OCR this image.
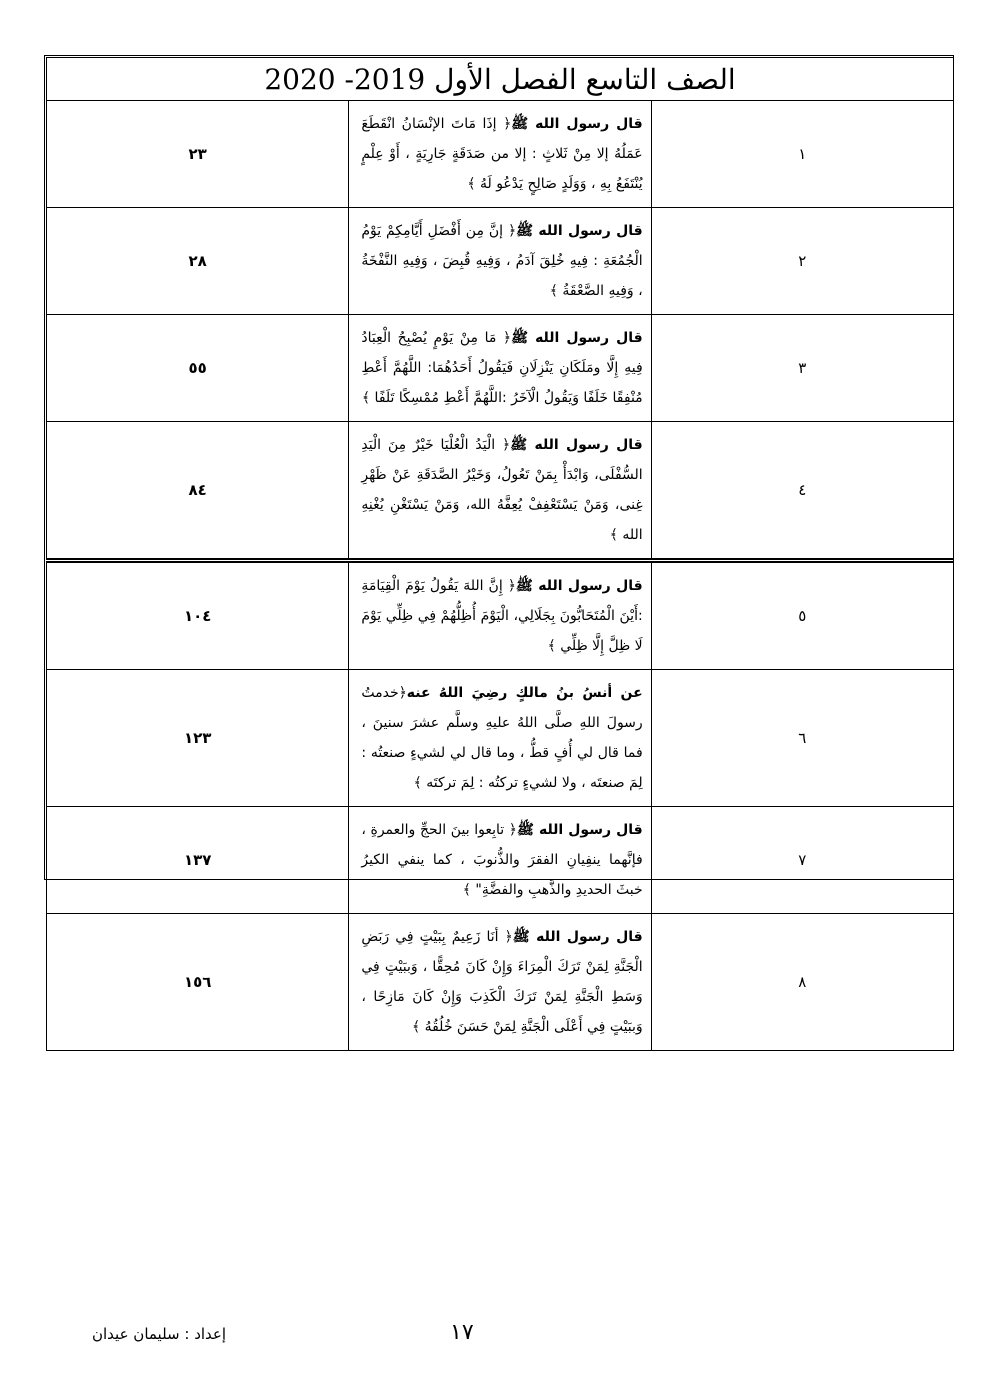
الصف التاسع الفصل الأول 2019- 2020		
١	قال رسول الله ﷺ﴿ إذَا مَاتَ الإنْسَانُ انْقَطَعَ عَمَلُهُ إلا مِنْ ثَلاثٍ : إلا من صَدَقَةٍ جَارِيَةٍ ، أَوْ عِلْمٍ يُنْتَفَعُ بِهِ ، وَوَلَدٍ صَالِحٍ يَدْعُو لَهُ ﴾	٢٣
٢	قال رسول الله ﷺ﴿ إنَّ مِن أَفْضَلِ أَيَّامِكِمْ يَوْمُ الْجُمُعَةِ : فِيهِ خُلِقَ آدَمُ ، وَفِيهِ قُبِضَ ، وَفِيهِ النَّفْخَةُ ، وَفِيهِ الصَّعْقَةُ ﴾	٢٨
٣	قال رسول الله ﷺ﴿ مَا مِنْ يَوْمٍ يُصْبِحُ الْعِبَادُ فِيهِ إِلَّا ومَلَكَانِ يَنْزِلَانِ فَيَقُولُ أَحَدُهُمَا: اللَّهُمَّ أَعْطِ مُنْفِقًا خَلَفًا وَيَقُولُ الْآخَرُ :اللَّهُمَّ أَعْطِ مُمْسِكًا تَلَفًا ﴾	٥٥
٤	قال رسول الله ﷺ﴿ الْيَدُ الْعُلْيَا خَيْرٌ مِنَ الْيَدِ السُّفْلَى، وَابْدَأْ بِمَنْ تَعُولُ، وَخَيْرُ الصَّدَقَةِ عَنْ ظَهْرِ غِنى، وَمَنْ يَسْتَعْفِفْ يُعِفَّهُ الله، وَمَنْ يَسْتَغْنِ يُغْنِهِ الله ﴾	٨٤
٥	قال رسول الله ﷺ﴿ إِنَّ اللهَ يَقُولُ يَوْمَ الْقِيَامَةِ :أَيْنَ الْمُتَحَابُّونَ بِجَلَالِي، الْيَوْمَ أُظِلُّهُمْ فِي ظِلِّي يَوْمَ لَا ظِلَّ إِلَّا ظِلِّي ﴾	١٠٤
٦	عن أنسُ بنُ مالكٍ رضِيَ اللهُ عنه﴿خدمتُ رسولَ اللهِ صلَّى اللهُ عليهِ وسلَّم عشرَ سنينَ ، فما قال لي أُفٍ قطُّ ، وما قال لي لشيءٍ صنعتُه : لِمَ صنعتَه ، ولا لشيءٍ تركتُه : لِمَ تركتَه ﴾	١٢٣
٧	قال رسول الله ﷺ﴿ تابِعوا بينَ الحجِّ والعمرةِ ، فإنَّهما ينفِيانِ الفقرَ والذُّنوبَ ، كما ينفي الكيرُ خبثَ الحديدِ والذَّهبِ والفضَّةِ" ﴾	١٣٧
٨	قال رسول الله ﷺ﴿ أنَا زَعِيمٌ بِبَيْتٍ فِي رَبَضِ الْجَنَّةِ لِمَنْ تَرَكَ الْمِرَاءَ وَإِنْ كَانَ مُحِقًّا ، وَببَيْتٍ فِي وَسَطِ الْجَنَّةِ لِمَنْ تَرَكَ الْكَذِبَ وَإِنْ كَانَ مَازِحًا ، وَببَيْتٍ فِي أَعْلَى الْجَنَّةِ لِمَنْ حَسَنَ خُلُقُهُ ﴾	١٥٦
١٧
إعداد : سليمان عيدان
